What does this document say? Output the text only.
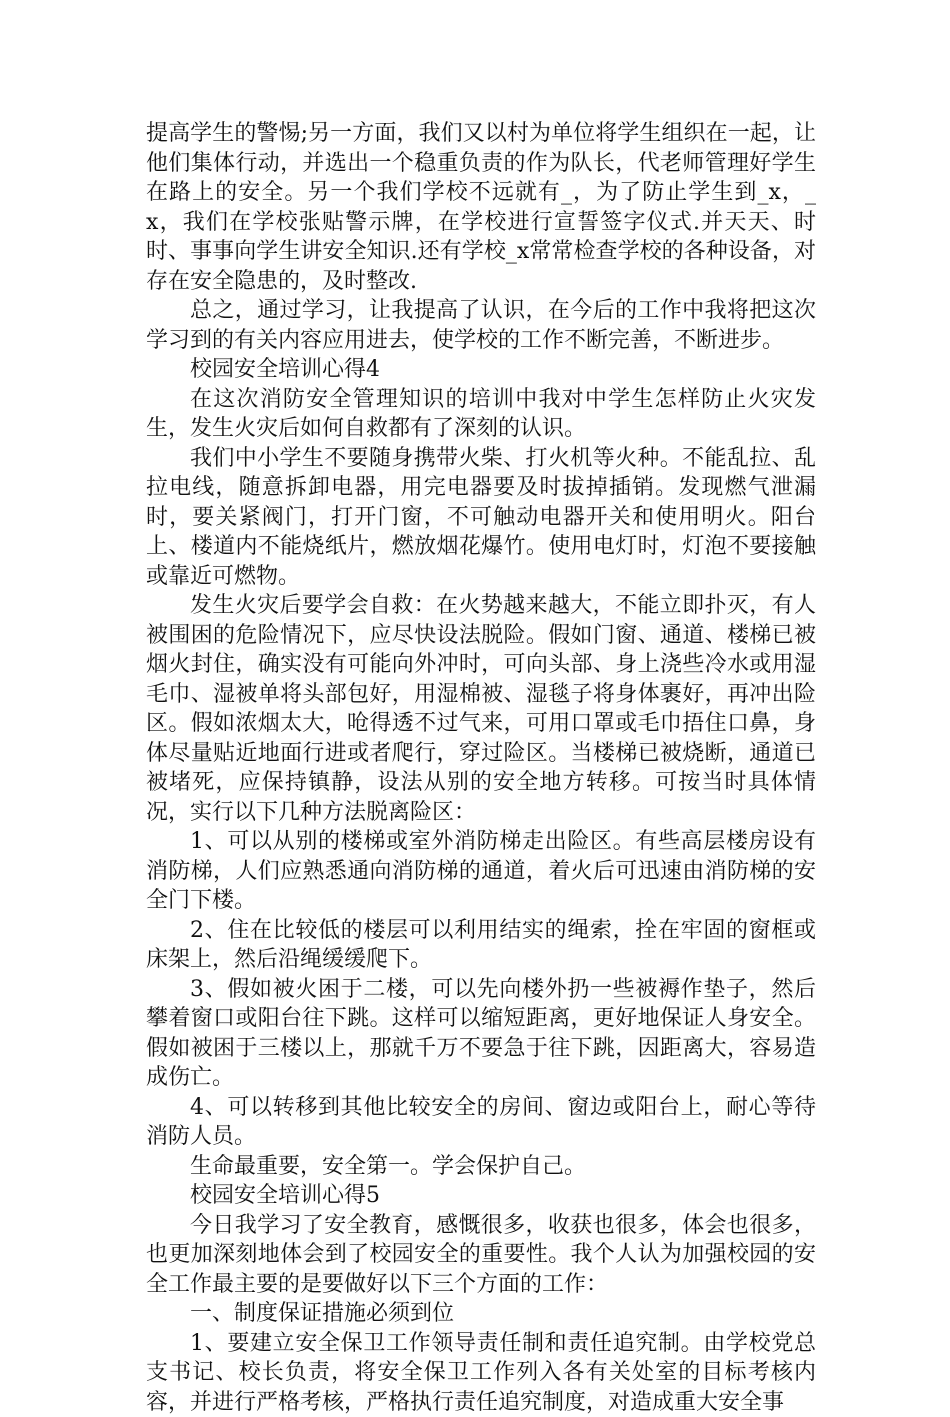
提高学生的警惕;另一方面，我们又以村为单位将学生组织在一起，让他们集体行动，并选出一个稳重负责的作为队长，代老师管理好学生在路上的安全。另一个我们学校不远就有_，为了防止学生到_x，_x，我们在学校张贴警示牌，在学校进行宣誓签字仪式.并天天、时时、事事向学生讲安全知识.还有学校_x常常检查学校的各种设备，对存在安全隐患的，及时整改.

总之，通过学习，让我提高了认识，在今后的工作中我将把这次学习到的有关内容应用进去，使学校的工作不断完善，不断进步。

校园安全培训心得4

在这次消防安全管理知识的培训中我对中学生怎样防止火灾发生，发生火灾后如何自救都有了深刻的认识。

我们中小学生不要随身携带火柴、打火机等火种。不能乱拉、乱拉电线，随意拆卸电器，用完电器要及时拔掉插销。发现燃气泄漏时，要关紧阀门，打开门窗，不可触动电器开关和使用明火。阳台上、楼道内不能烧纸片，燃放烟花爆竹。使用电灯时，灯泡不要接触或靠近可燃物。

发生火灾后要学会自救：在火势越来越大，不能立即扑灭，有人被围困的危险情况下，应尽快设法脱险。假如门窗、通道、楼梯已被烟火封住，确实没有可能向外冲时，可向头部、身上浇些冷水或用湿毛巾、湿被单将头部包好，用湿棉被、湿毯子将身体裹好，再冲出险区。假如浓烟太大，呛得透不过气来，可用口罩或毛巾捂住口鼻，身体尽量贴近地面行进或者爬行，穿过险区。当楼梯已被烧断，通道已被堵死，应保持镇静，设法从别的安全地方转移。可按当时具体情况，实行以下几种方法脱离险区：

1、可以从别的楼梯或室外消防梯走出险区。有些高层楼房设有消防梯，人们应熟悉通向消防梯的通道，着火后可迅速由消防梯的安全门下楼。

2、住在比较低的楼层可以利用结实的绳索，拴在牢固的窗框或床架上，然后沿绳缓缓爬下。

3、假如被火困于二楼，可以先向楼外扔一些被褥作垫子，然后攀着窗口或阳台往下跳。这样可以缩短距离，更好地保证人身安全。假如被困于三楼以上，那就千万不要急于往下跳，因距离大，容易造成伤亡。

4、可以转移到其他比较安全的房间、窗边或阳台上，耐心等待消防人员。

生命最重要，安全第一。学会保护自己。

校园安全培训心得5

今日我学习了安全教育，感慨很多，收获也很多，体会也很多，也更加深刻地体会到了校园安全的重要性。我个人认为加强校园的安全工作最主要的是要做好以下三个方面的工作：

一、制度保证措施必须到位

1、要建立安全保卫工作领导责任制和责任追究制。由学校党总支书记、校长负责，将安全保卫工作列入各有关处室的目标考核内容，并进行严格考核，严格执行责任追究制度，对造成重大安全事
